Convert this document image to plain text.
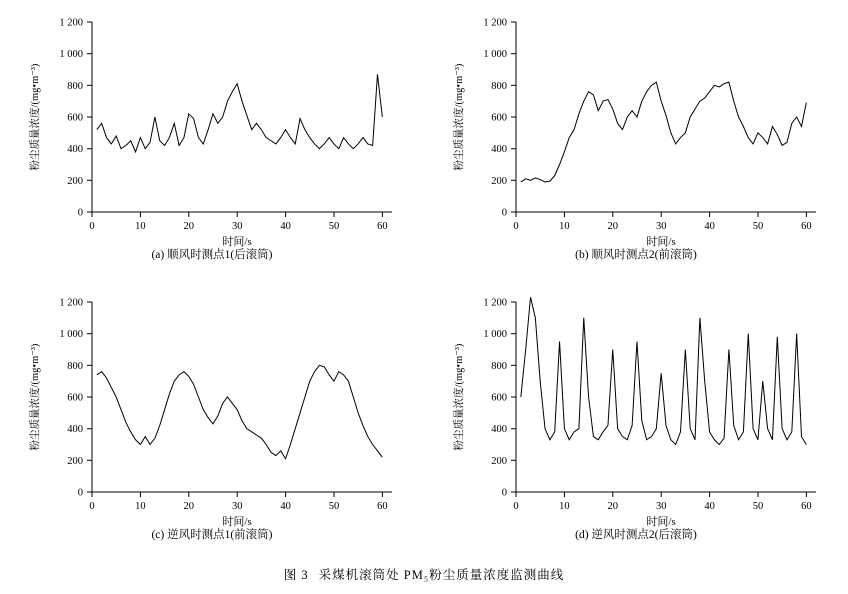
0
200
400
600
800
1 000
1 200
0	10	20	30	40	50	60
时间/s
粉尘质量浓度/(mg•m⁻³)
(a) 顺风时测点1(后滚筒)
0
200
400
600
800
1 000
1 200
0	10	20	30	40	50	60
时间/s
粉尘质量浓度/(mg•m⁻³)
(b) 顺风时测点2(前滚筒)
0
200
400
600
800
1 000
1 200
0	10	20	30	40	50	60
时间/s
粉尘质量浓度/(mg•m⁻³)
(c) 逆风时测点1(前滚筒)
0
200
400
600
800
1 000
1 200
0	10	20	30	40	50	60
时间/s
粉尘质量浓度/(mg•m⁻³)
(d) 逆风时测点2(后滚筒)
图 3 采煤机滚筒处 PM₅粉尘质量浓度监测曲线
